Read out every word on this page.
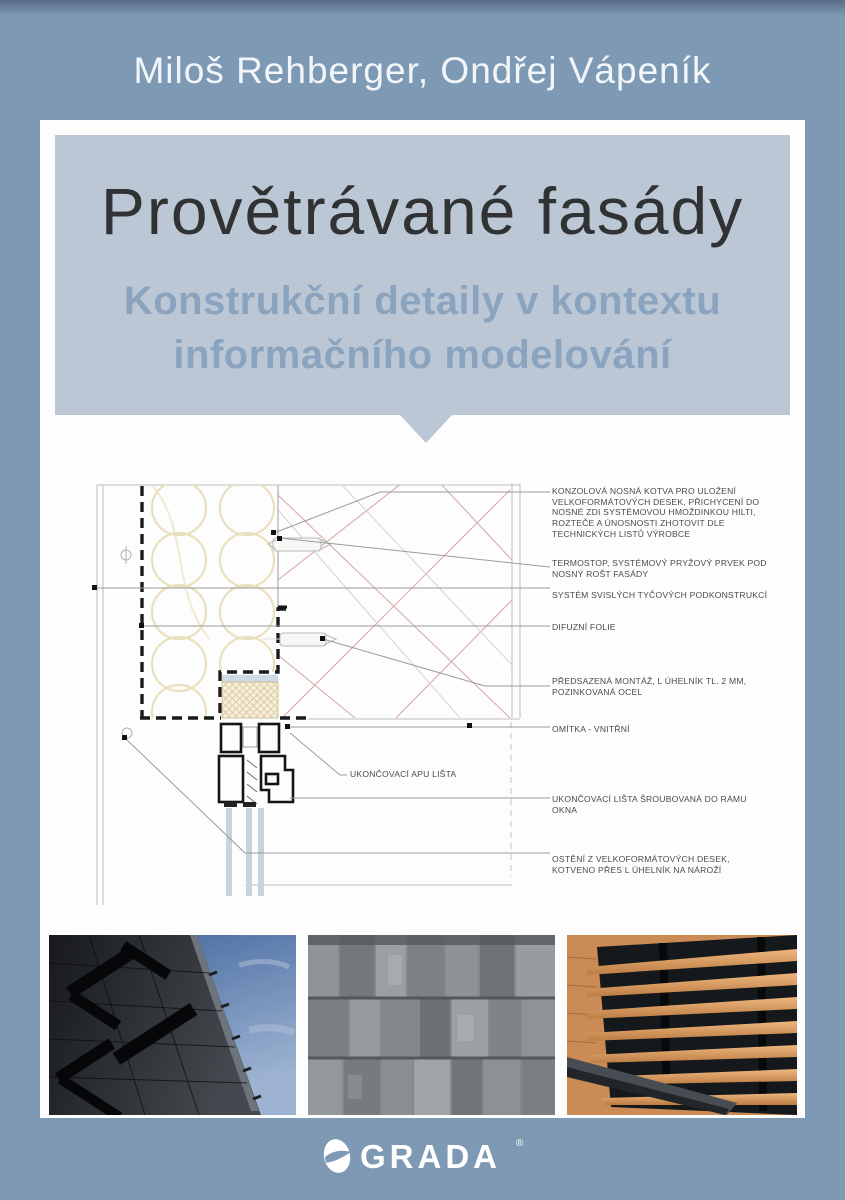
Miloš Rehberger, Ondřej Vápeník
Provětrávané fasády
Konstrukční detaily v kontextu
informačního modelování
KONZOLOVÁ NOSNÁ KOTVA PRO ULOŽENÍ VELKOFORMÁTOVÝCH DESEK, PŘICHYCENÍ DO NOSNÉ ZDI SYSTÉMOVOU HMOŽDINKOU HILTI, ROZTEČE A ÚNOSNOSTI ZHOTOVIT DLE TECHNICKÝCH LISTŮ VÝROBCE
TERMOSTOP, SYSTÉMOVÝ PRYŽOVÝ PRVEK POD NOSNÝ ROŠT FASÁDY
SYSTÉM SVISLÝCH TYČOVÝCH PODKONSTRUKCÍ
DIFUZNÍ FOLIE
PŘEDSAZENÁ MONTÁŽ, L ÚHELNÍK TL. 2 MM, POZINKOVANÁ OCEL
OMÍTKA - VNITŘNÍ
UKONČOVACÍ LIŠTA ŠROUBOVANÁ DO RÁMU OKNA
OSTĚNÍ Z VELKOFORMÁTOVÝCH DESEK, KOTVENO PŘES L ÚHELNÍK NA NÁROŽÍ
UKONČOVACÍ APU LIŠTA
GRADA ®
